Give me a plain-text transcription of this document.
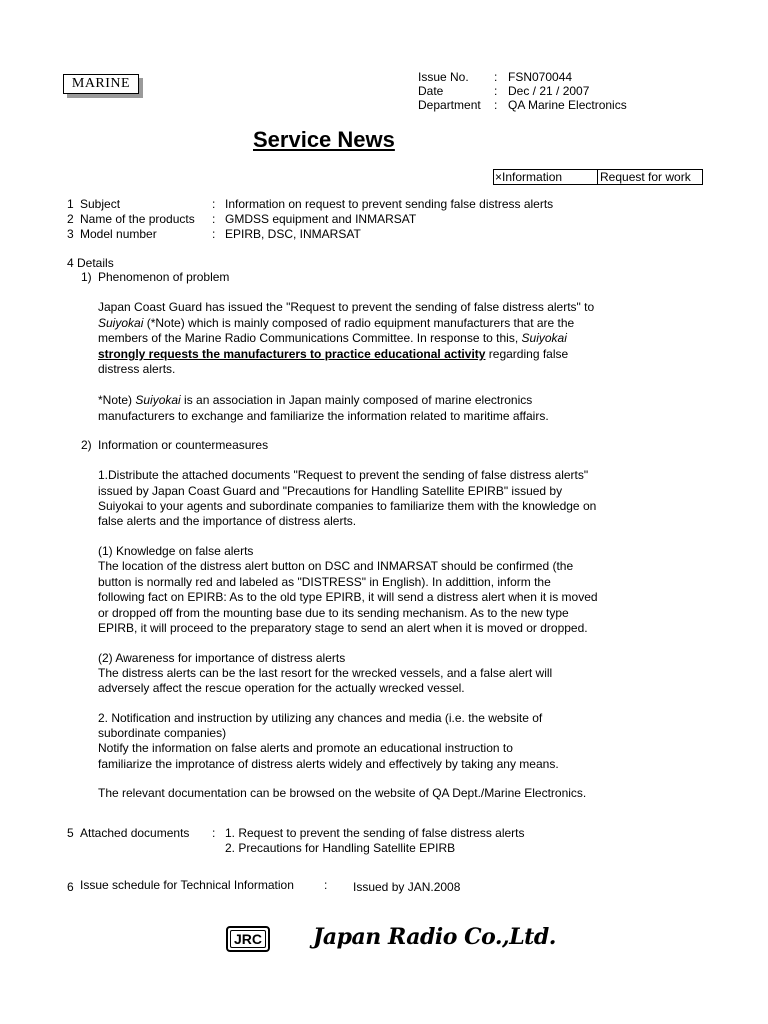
MARINE	Issue No.	:	FSN070044
Date	:	Dec / 21 / 2007
Department	:	QA Marine Electronics
Service News
×Information	Request for work
1 Subject	: Information on request to prevent sending false distress alerts
2 Name of the products : GMDSS equipment and INMARSAT
3 Model number	: EPIRB, DSC, INMARSAT
4 Details
1) Phenomenon of problem
Japan Coast Guard has issued the "Request to prevent the sending of false distress alerts" to
Suiyokai (*Note) which is mainly composed of radio equipment manufacturers that are the
members of the Marine Radio Communications Committee. In response to this, Suiyokai
strongly requests the manufacturers to practice educational activity regarding false
distress alerts.
*Note) Suiyokai is an association in Japan mainly composed of marine electronics
manufacturers to exchange and familiarize the information related to maritime affairs.
2) Information or countermeasures
1.Distribute the attached documents "Request to prevent the sending of false distress alerts"
issued by Japan Coast Guard and "Precautions for Handling Satellite EPIRB" issued by
Suiyokai to your agents and subordinate companies to familiarize them with the knowledge on
false alerts and the importance of distress alerts.
(1) Knowledge on false alerts
The location of the distress alert button on DSC and INMARSAT should be confirmed (the
button is normally red and labeled as "DISTRESS" in English). In addittion, inform the
following fact on EPIRB: As to the old type EPIRB, it will send a distress alert when it is moved
or dropped off from the mounting base due to its sending mechanism. As to the new type
EPIRB, it will proceed to the preparatory stage to send an alert when it is moved or dropped.
(2) Awareness for importance of distress alerts
The distress alerts can be the last resort for the wrecked vessels, and a false alert will
adversely affect the rescue operation for the actually wrecked vessel.
2. Notification and instruction by utilizing any chances and media (i.e. the website of
subordinate companies)
Notify the information on false alerts and promote an educational instruction to
familiarize the improtance of distress alerts widely and effectively by taking any means.
The relevant documentation can be browsed on the website of QA Dept./Marine Electronics.
5 Attached documents : 1. Request to prevent the sending of false distress alerts
2. Precautions for Handling Satellite EPIRB
6 Issue schedule for Technical Information	: Issued by JAN.2008
JRC	Japan Radio Co.,Ltd.
